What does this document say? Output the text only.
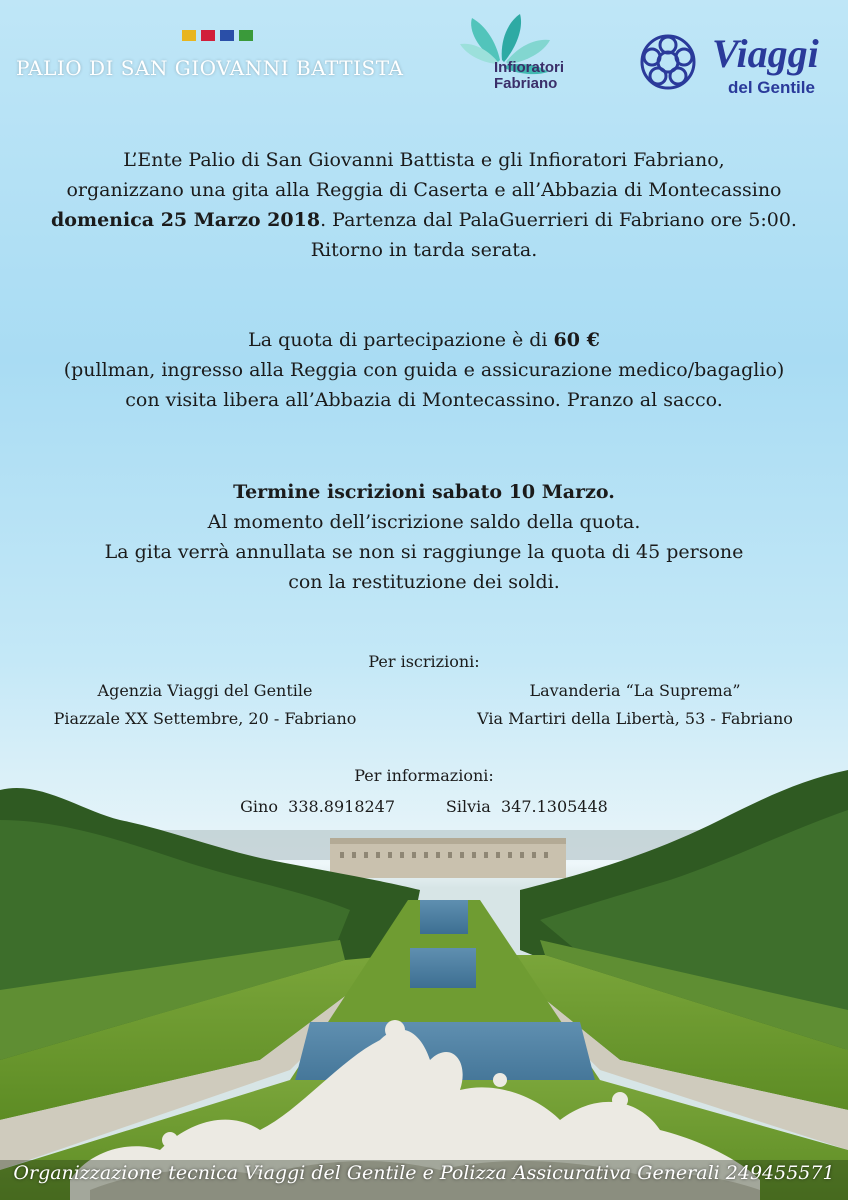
PALIO DI SAN GIOVANNI BATTISTA	Infioratori
Fabriano
Viaggi
del Gentile
L’Ente Palio di San Giovanni Battista e gli Infioratori Fabriano,
organizzano una gita alla Reggia di Caserta e all’Abbazia di Montecassino
domenica 25 Marzo 2018. Partenza dal PalaGuerrieri di Fabriano ore 5:00.
Ritorno in tarda serata.
La quota di partecipazione è di 60 €
(pullman, ingresso alla Reggia con guida e assicurazione medico/bagaglio)
con visita libera all’Abbazia di Montecassino. Pranzo al sacco.
Termine iscrizioni sabato 10 Marzo.
Al momento dell’iscrizione saldo della quota.
La gita verrà annullata se non si raggiunge la quota di 45 persone
con la restituzione dei soldi.
Per iscrizioni:
Agenzia Viaggi del Gentile
Piazzale XX Settembre, 20 - Fabriano
Lavanderia “La Suprema”
Via Martiri della Libertà, 53 - Fabriano
Per informazioni:
Gino  338.8918247	Silvia  347.1305448
Organizzazione tecnica Viaggi del Gentile e Polizza Assicurativa Generali 249455571
